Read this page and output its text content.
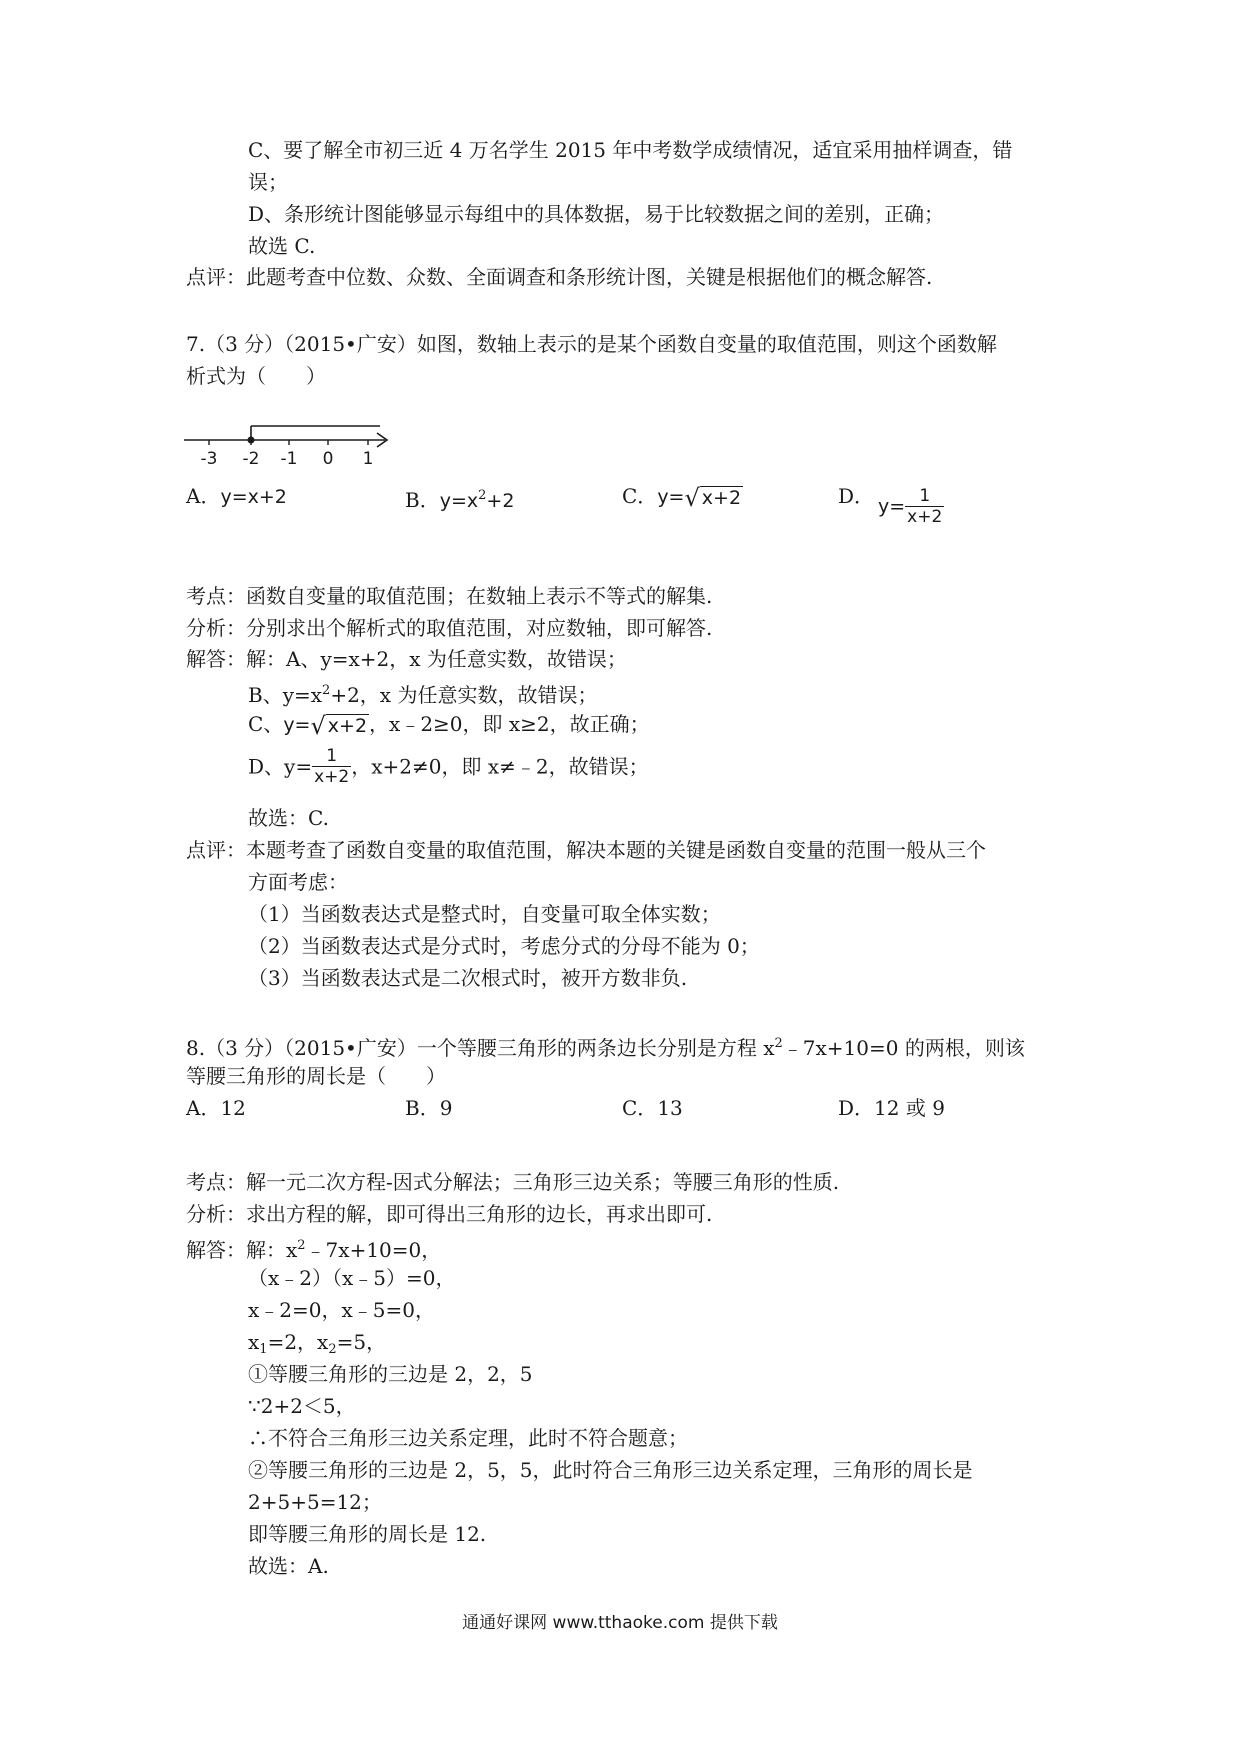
C、要了解全市初三近 4 万名学生 2015 年中考数学成绩情况，适宜采用抽样调查，错
误；
D、条形统计图能够显示每组中的具体数据，易于比较数据之间的差别，正确；
故选 C.
点评：此题考查中位数、众数、全面调查和条形统计图，关键是根据他们的概念解答.
7.（3 分）（2015•广安）如图，数轴上表示的是某个函数自变量的取值范围，则这个函数解
析式为（　　）
-3 -2 -1 0 1
A．y=x+2	B．$y=x^2+2$	C．y=√ x+2	D． $y= \frac{1}{x+2}$
考点：函数自变量的取值范围；在数轴上表示不等式的解集.
分析：分别求出个解析式的取值范围，对应数轴，即可解答.
解答：解：A、y=x+2，x 为任意实数，故错误；
B、$y=x^2+2$，x 为任意实数，故错误；
C、y=√ x+2 ，x﹣2≥0，即 x≥2，故正确；
D、$y= \frac{1}{x+2}$ ，x+2≠0，即 x≠﹣2，故错误；
故选：C.
点评：本题考查了函数自变量的取值范围，解决本题的关键是函数自变量的范围一般从三个
方面考虑：
（1）当函数表达式是整式时，自变量可取全体实数；
（2）当函数表达式是分式时，考虑分式的分母不能为 0；
（3）当函数表达式是二次根式时，被开方数非负.
8.（3 分）（2015•广安）一个等腰三角形的两条边长分别是方程 $x^2﹣7x+10=0$ 的两根，则该
等腰三角形的周长是（　　）
A．12	B．9	C．13	D．12 或 9
考点：解一元二次方程-因式分解法；三角形三边关系；等腰三角形的性质.
分析：求出方程的解，即可得出三角形的边长，再求出即可.
解答：解：$x^2﹣7x+10=0$，
（x﹣2）（x﹣5）=0，
x﹣2=0，x﹣5=0，
$x_1=2$，$x_2=5$，
①等腰三角形的三边是 2，2，5
∵2+2＜5，
∴不符合三角形三边关系定理，此时不符合题意；
②等腰三角形的三边是 2，5，5，此时符合三角形三边关系定理，三角形的周长是
2+5+5=12；
即等腰三角形的周长是 12.
故选：A.
通通好课网 www.tthaoke.com 提供下载
